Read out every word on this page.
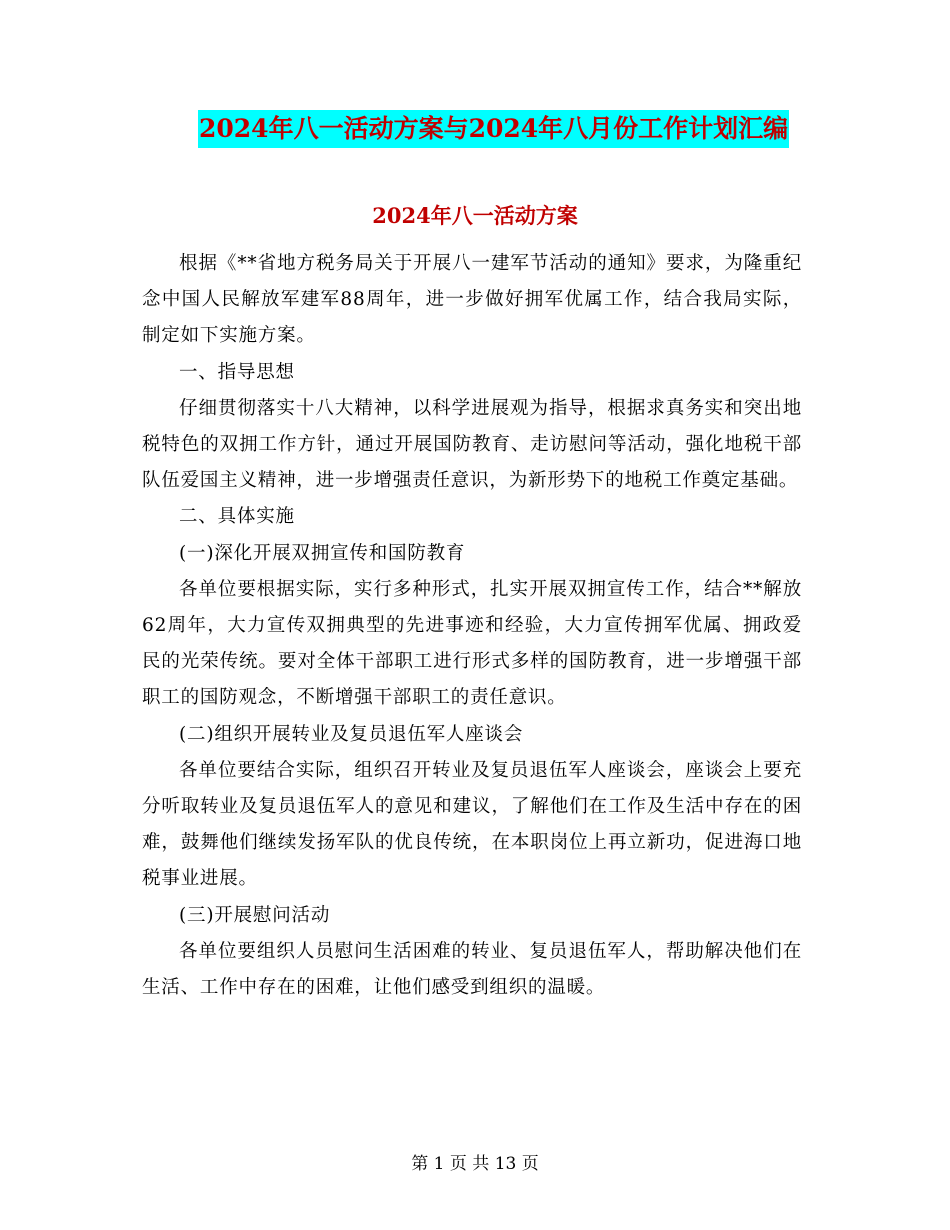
2024年八一活动方案与2024年八月份工作计划汇编
2024年八一活动方案

根据《**省地方税务局关于开展八一建军节活动的通知》要求，为隆重纪念中国人民解放军建军88周年，进一步做好拥军优属工作，结合我局实际，制定如下实施方案。

一、指导思想

仔细贯彻落实十八大精神，以科学进展观为指导，根据求真务实和突出地税特色的双拥工作方针，通过开展国防教育、走访慰问等活动，强化地税干部队伍爱国主义精神，进一步增强责任意识，为新形势下的地税工作奠定基础。

二、具体实施

(一)深化开展双拥宣传和国防教育

各单位要根据实际，实行多种形式，扎实开展双拥宣传工作，结合**解放62周年，大力宣传双拥典型的先进事迹和经验，大力宣传拥军优属、拥政爱民的光荣传统。要对全体干部职工进行形式多样的国防教育，进一步增强干部职工的国防观念，不断增强干部职工的责任意识。

(二)组织开展转业及复员退伍军人座谈会

各单位要结合实际，组织召开转业及复员退伍军人座谈会，座谈会上要充分听取转业及复员退伍军人的意见和建议，了解他们在工作及生活中存在的困难，鼓舞他们继续发扬军队的优良传统，在本职岗位上再立新功，促进海口地税事业进展。

(三)开展慰问活动

各单位要组织人员慰问生活困难的转业、复员退伍军人，帮助解决他们在生活、工作中存在的困难，让他们感受到组织的温暖。

第 1 页 共 13 页
